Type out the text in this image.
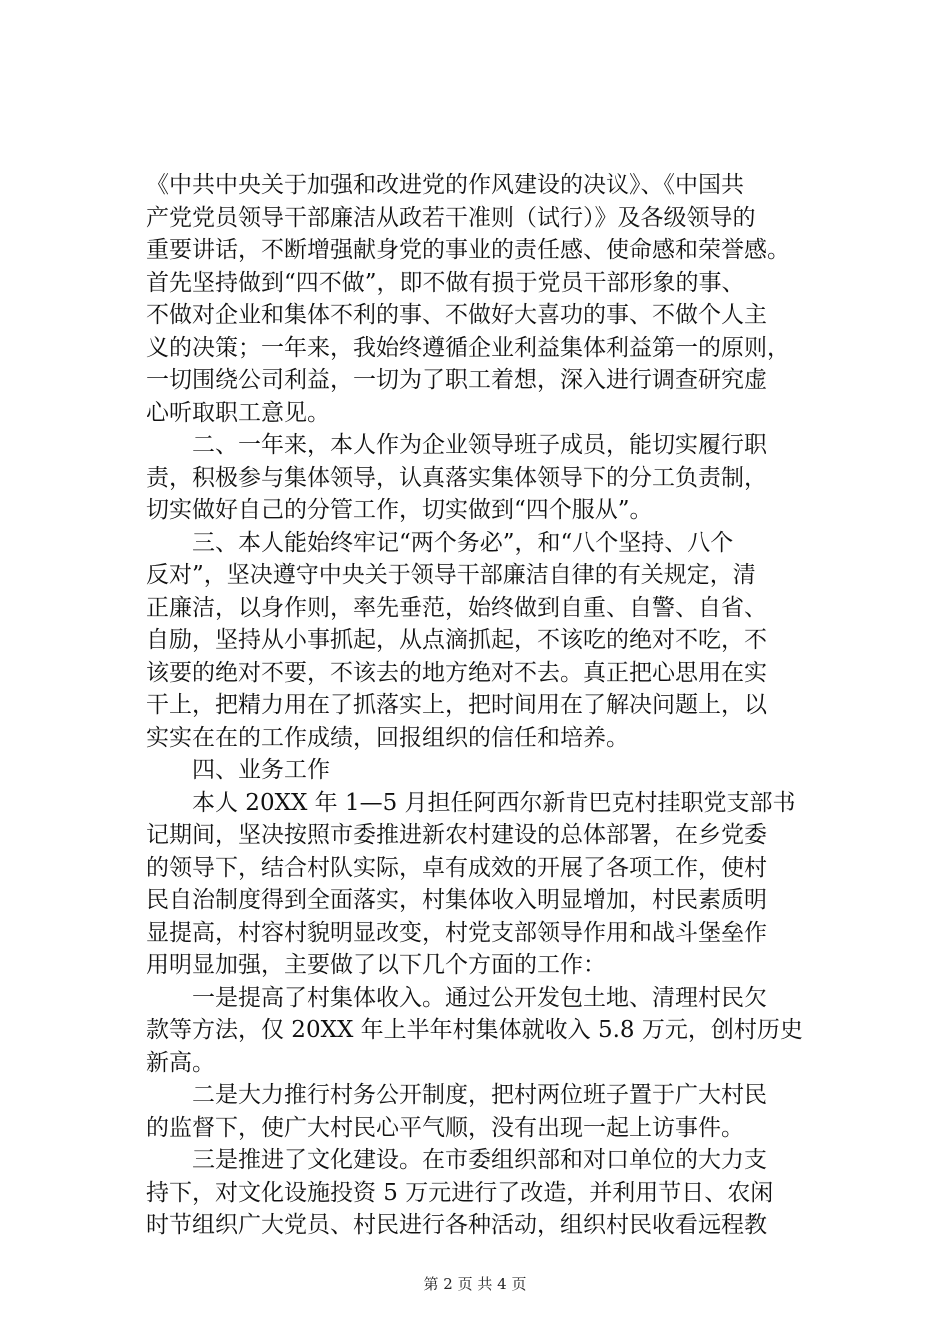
《中共中央关于加强和改进党的作风建设的决议》、《中国共
产党党员领导干部廉洁从政若干准则（试行）》及各级领导的
重要讲话，不断增强献身党的事业的责任感、使命感和荣誉感。
首先坚持做到“四不做”，即不做有损于党员干部形象的事、
不做对企业和集体不利的事、不做好大喜功的事、不做个人主
义的决策；一年来，我始终遵循企业利益集体利益第一的原则，
一切围绕公司利益，一切为了职工着想，深入进行调查研究虚
心听取职工意见。
　　二、一年来，本人作为企业领导班子成员，能切实履行职
责，积极参与集体领导，认真落实集体领导下的分工负责制，
切实做好自己的分管工作，切实做到“四个服从”。
　　三、本人能始终牢记“两个务必”，和“八个坚持、八个
反对”，坚决遵守中央关于领导干部廉洁自律的有关规定，清
正廉洁，以身作则，率先垂范，始终做到自重、自警、自省、
自励，坚持从小事抓起，从点滴抓起，不该吃的绝对不吃，不
该要的绝对不要，不该去的地方绝对不去。真正把心思用在实
干上，把精力用在了抓落实上，把时间用在了解决问题上，以
实实在在的工作成绩，回报组织的信任和培养。
　　四、业务工作
　　本人 20XX 年 1—5 月担任阿西尔新肯巴克村挂职党支部书
记期间，坚决按照市委推进新农村建设的总体部署，在乡党委
的领导下，结合村队实际，卓有成效的开展了各项工作，使村
民自治制度得到全面落实，村集体收入明显增加，村民素质明
显提高，村容村貌明显改变，村党支部领导作用和战斗堡垒作
用明显加强，主要做了以下几个方面的工作：
　　一是提高了村集体收入。通过公开发包土地、清理村民欠
款等方法，仅 20XX 年上半年村集体就收入 5.8 万元，创村历史
新高。
　　二是大力推行村务公开制度，把村两位班子置于广大村民
的监督下，使广大村民心平气顺，没有出现一起上访事件。
　　三是推进了文化建设。在市委组织部和对口单位的大力支
持下，对文化设施投资 5 万元进行了改造，并利用节日、农闲
时节组织广大党员、村民进行各种活动，组织村民收看远程教
第 2 页 共 4 页
